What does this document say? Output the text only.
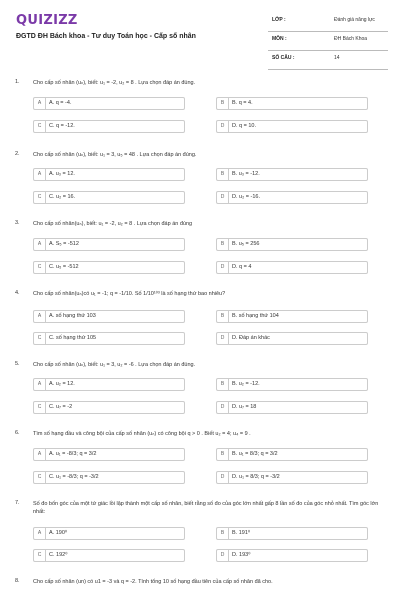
QUIZIZZ
ĐGTD ĐH Bách khoa - Tư duy Toán học - Cấp số nhân
LỚP :	Đánh giá năng lực
MÔN :	ĐH Bách Khoa
SỐ CÂU :	14
1. Cho cấp số nhân (uₙ), biết: u₁ = -2, u₂ = 8 . Lựa chọn đáp án đúng.
A	A. q = -4.	B	B. q = 4.
C	C. q = -12.	D	D. q = 10.
2. Cho cấp số nhân (uₙ), biết: u₁ = 3, u₅ = 48 . Lựa chọn đáp án đúng.
A	A. u₃ = 12.	B	B. u₃ = -12.
C	C. u₂ = 16.	D	D. u₂ = -16.
3. Cho cấp số nhân(uₙ), biết: u₁ = -2, u₂ = 8 . Lựa chọn đáp án đúng
A	A. S₅ = -512	B	B. u₅ = 256
C	C. u₅ = -512	D	D. q = 4
4. Cho cấp số nhân(uₙ)có u₁ = -1; q = -1/10. Số 1/10¹⁰³ là số hạng thứ bao nhiêu?
A	A. số hạng thứ 103	B	B. số hạng thứ 104
C	C. số hạng thứ 105	D	D. Đáp án khác
5. Cho cấp số nhân (uₙ), biết: u₁ = 3, u₂ = -6 . Lựa chọn đáp án đúng.
A	A. u₂ = 12.	B	B. u₂ = -12.
C	C. u₇ = -2	D	D. u₇ = 18
6. Tìm số hạng đầu và công bội của cấp số nhân (uₙ) có công bội q > 0 . Biết u₂ = 4; u₄ = 9 .
A	A. u₁ = -8/3; q = 3/2	B	B. u₁ = 8/3; q = 3/2
C	C. u₁ = -8/3; q = -3/2	D	D. u₁ = 8/3; q = -3/2
7. Số đo bốn góc của một tứ giác lồi lập thành một cấp số nhân, biết rằng số đo của góc lớn nhất gấp 8 lần số đo của góc nhỏ nhất. Tìm góc lớn nhất:
A	A. 190⁰	B	B. 191⁰
C	C. 192⁰	D	D. 193⁰
8. Cho cấp số nhân (un) có u1 = -3 và q = -2. Tính tổng 10 số hạng đầu tiên của cấp số nhân đã cho.
